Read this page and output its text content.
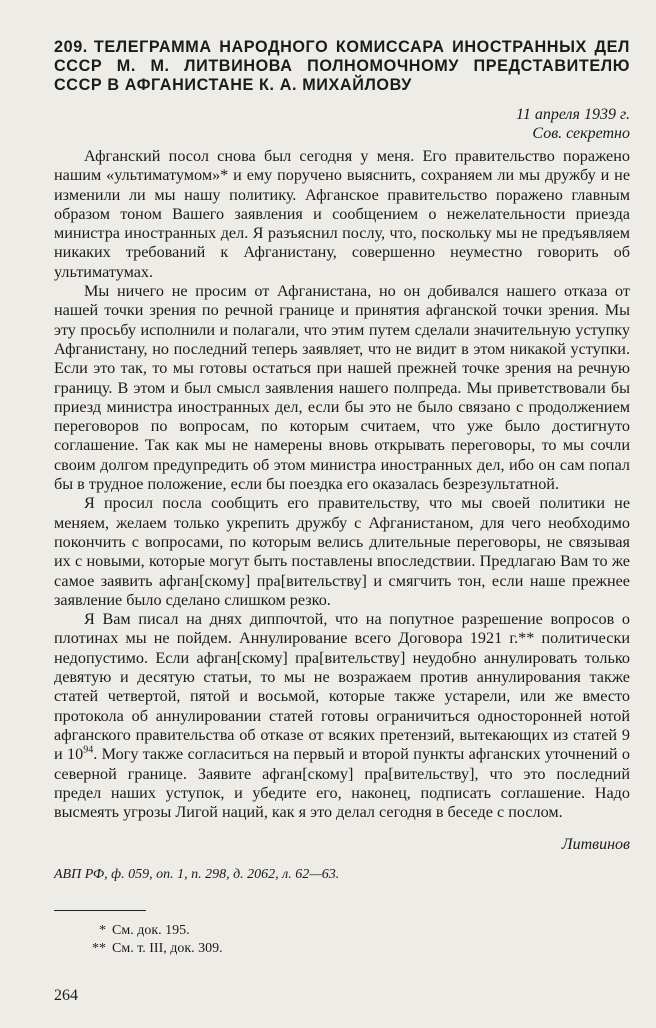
209. ТЕЛЕГРАММА НАРОДНОГО КОМИССАРА ИНОСТРАННЫХ ДЕЛ СССР М. М. ЛИТВИНОВА ПОЛНОМОЧНОМУ ПРЕДСТАВИТЕЛЮ СССР В АФГАНИСТАНЕ К. А. МИХАЙЛОВУ
11 апреля 1939 г.
Сов. секретно

Афганский посол снова был сегодня у меня. Его правительство поражено нашим «ультиматумом»* и ему поручено выяснить, сохраняем ли мы дружбу и не изменили ли мы нашу политику. Афганское правительство поражено главным образом тоном Вашего заявления и сообщением о нежелательности приезда министра иностранных дел. Я разъяснил послу, что, поскольку мы не предъявляем никаких требований к Афганистану, совершенно неуместно говорить об ультиматумах.

Мы ничего не просим от Афганистана, но он добивался нашего отказа от нашей точки зрения по речной границе и принятия афганской точки зрения. Мы эту просьбу исполнили и полагали, что этим путем сделали значительную уступку Афганистану, но последний теперь заявляет, что не видит в этом никакой уступки. Если это так, то мы готовы остаться при нашей прежней точке зрения на речную границу. В этом и был смысл заявления нашего полпреда. Мы приветствовали бы приезд министра иностранных дел, если бы это не было связано с продолжением переговоров по вопросам, по которым считаем, что уже было достигнуто соглашение. Так как мы не намерены вновь открывать переговоры, то мы сочли своим долгом предупредить об этом министра иностранных дел, ибо он сам попал бы в трудное положение, если бы поездка его оказалась безрезультатной.

Я просил посла сообщить его правительству, что мы своей политики не меняем, желаем только укрепить дружбу с Афганистаном, для чего необходимо покончить с вопросами, по которым велись длительные переговоры, не связывая их с новыми, которые могут быть поставлены впоследствии. Предлагаю Вам то же самое заявить афган[скому] пра[вительству] и смягчить тон, если наше прежнее заявление было сделано слишком резко.

Я Вам писал на днях диппочтой, что на попутное разрешение вопросов о плотинах мы не пойдем. Аннулирование всего Договора 1921 г.** политически недопустимо. Если афган[скому] пра[вительству] неудобно аннулировать только девятую и десятую статьи, то мы не возражаем против аннулирования также статей четвертой, пятой и восьмой, которые также устарели, или же вместо протокола об аннулировании статей готовы ограничиться односторонней нотой афганского правительства об отказе от всяких претензий, вытекающих из статей 9 и $10^{94}$. Могу также согласиться на первый и второй пункты афганских уточнений о северной границе. Заявите афган[скому] пра[вительству], что это последний предел наших уступок, и убедите его, наконец, подписать соглашение. Надо высмеять угрозы Лигой наций, как я это делал сегодня в беседе с послом.

Литвинов
АВП РФ, ф. 059, оп. 1, п. 298, д. 2062, л. 62—63.
* См. док. 195.
** См. т. III, док. 309.
264
